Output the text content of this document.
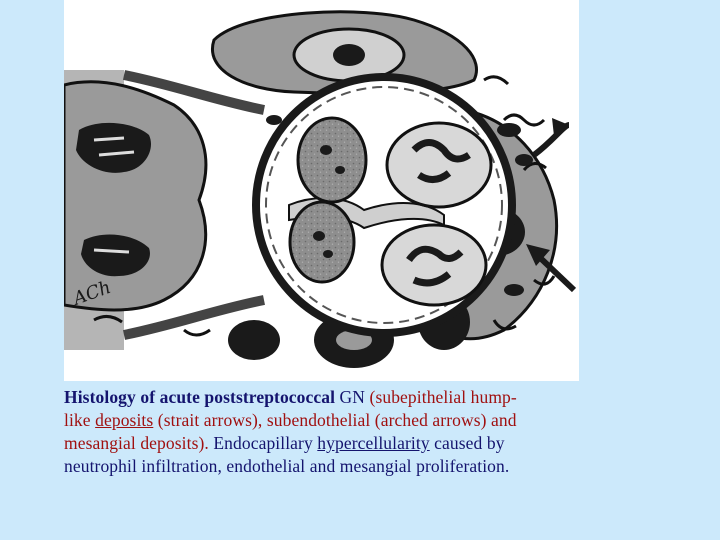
ACh
Histology of acute poststreptococcal GN (subepithelial hump-
like deposits (strait arrows), subendothelial (arched arrows) and
mesangial deposits). Endocapillary hypercellularity caused by
neutrophil infiltration, endothelial and mesangial proliferation.
